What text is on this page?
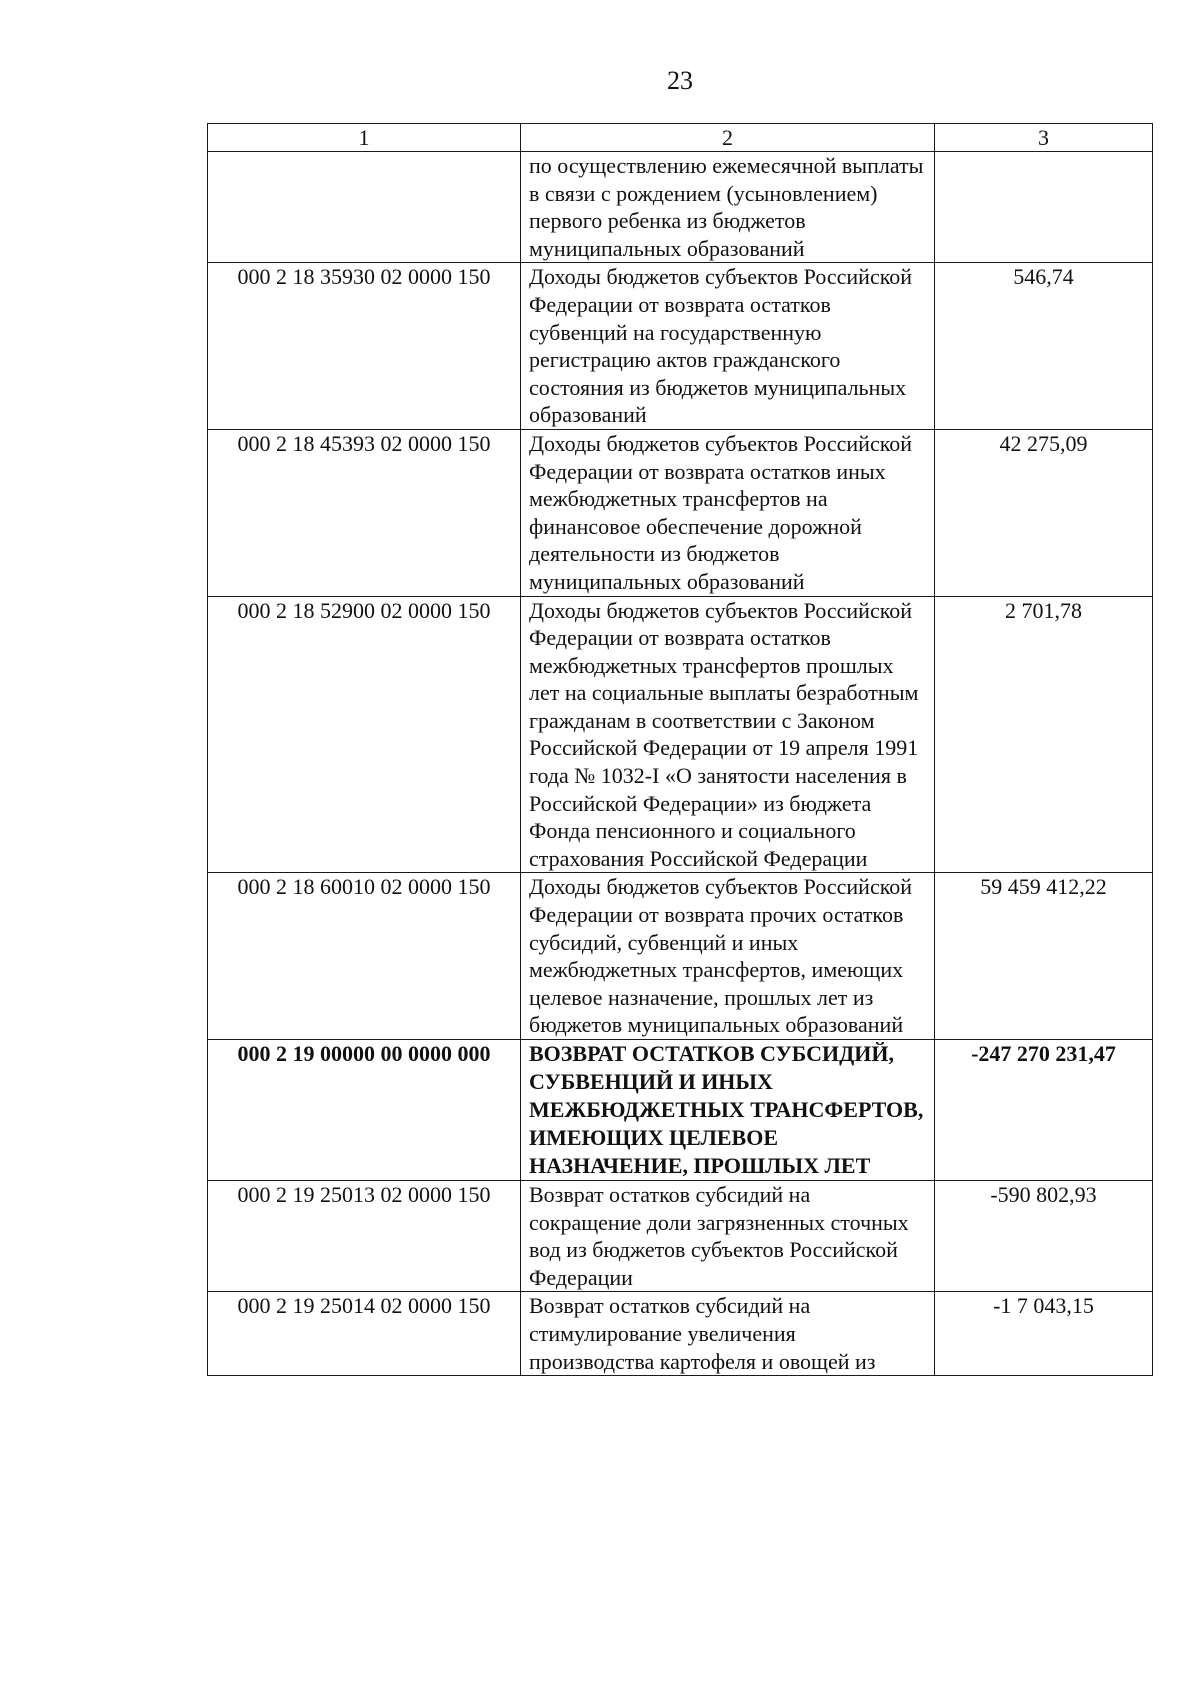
23
1	2	3
	по осуществлению ежемесячной выплаты в связи с рождением (усыновлением) первого ребенка из бюджетов муниципальных образований	
000 2 18 35930 02 0000 150	Доходы бюджетов субъектов Российской Федерации от возврата остатков субвенций на государственную регистрацию актов гражданского состояния из бюджетов муниципальных образований	546,74
000 2 18 45393 02 0000 150	Доходы бюджетов субъектов Российской Федерации от возврата остатков иных межбюджетных трансфертов на финансовое обеспечение дорожной деятельности из бюджетов муниципальных образований	42 275,09
000 2 18 52900 02 0000 150	Доходы бюджетов субъектов Российской Федерации от возврата остатков межбюджетных трансфертов прошлых лет на социальные выплаты безработным гражданам в соответствии с Законом Российской Федерации от 19 апреля 1991 года № 1032-I «О занятости населения в Российской Федерации» из бюджета Фонда пенсионного и социального страхования Российской Федерации	2 701,78
000 2 18 60010 02 0000 150	Доходы бюджетов субъектов Российской Федерации от возврата прочих остатков субсидий, субвенций и иных межбюджетных трансфертов, имеющих целевое назначение, прошлых лет из бюджетов муниципальных образований	59 459 412,22
000 2 19 00000 00 0000 000	ВОЗВРАТ ОСТАТКОВ СУБСИДИЙ, СУБВЕНЦИЙ И ИНЫХ МЕЖБЮДЖЕТНЫХ ТРАНСФЕРТОВ, ИМЕЮЩИХ ЦЕЛЕВОЕ НАЗНАЧЕНИЕ, ПРОШЛЫХ ЛЕТ	-247 270 231,47
000 2 19 25013 02 0000 150	Возврат остатков субсидий на сокращение доли загрязненных сточных вод из бюджетов субъектов Российской Федерации	-590 802,93
000 2 19 25014 02 0000 150	Возврат остатков субсидий на стимулирование увеличения производства картофеля и овощей из	-1 7 043,15
